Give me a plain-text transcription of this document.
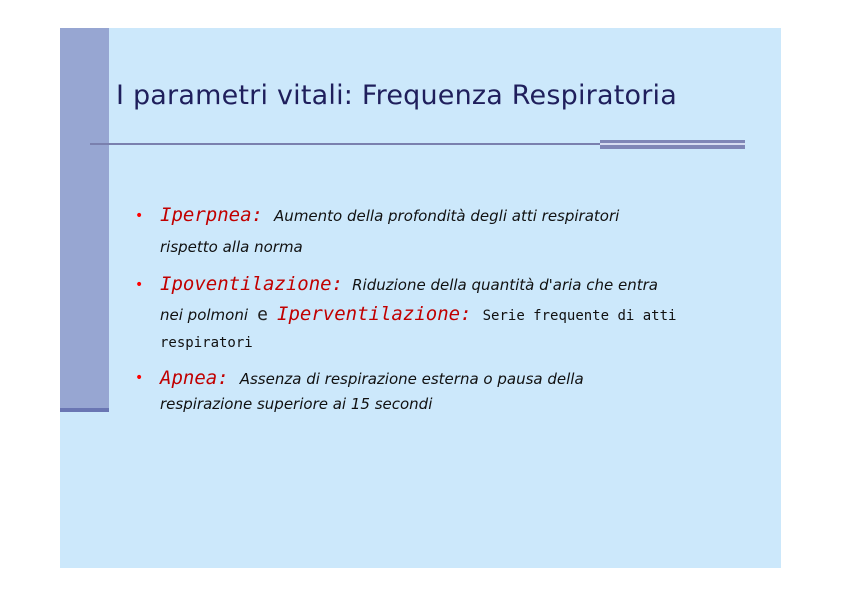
I parametri vitali: Frequenza Respiratoria
• Iperpnea: Aumento della profondità degli atti respiratori
rispetto alla norma
• Ipoventilazione: Riduzione della quantità d'aria che entra
nei polmoni e Iperventilazione: Serie frequente di atti
respiratori
• Apnea: Assenza di respirazione esterna o pausa della
respirazione superiore ai 15 secondi
